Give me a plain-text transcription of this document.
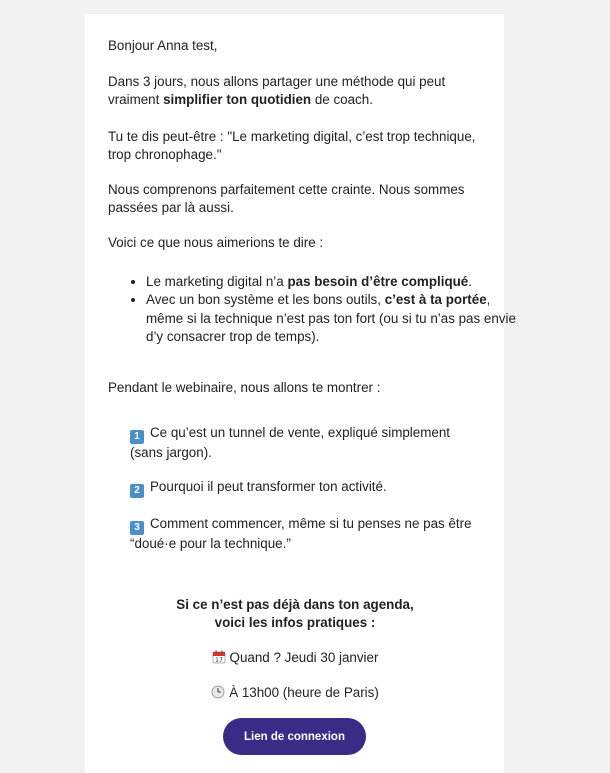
Bonjour Anna test,

Dans 3 jours, nous allons partager une méthode qui peut vraiment simplifier ton quotidien de coach.

Tu te dis peut-être : "Le marketing digital, c’est trop technique, trop chronophage."

Nous comprenons parfaitement cette crainte. Nous sommes passées par là aussi.

Voici ce que nous aimerions te dire :

• Le marketing digital n’a pas besoin d’être compliqué.
• Avec un bon système et les bons outils, c’est à ta portée, même si la technique n’est pas ton fort (ou si tu n’as pas envie d’y consacrer trop de temps).

Pendant le webinaire, nous allons te montrer :

1 Ce qu’est un tunnel de vente, expliqué simplement (sans jargon).

2 Pourquoi il peut transformer ton activité.

3 Comment commencer, même si tu penses ne pas être “doué·e pour la technique.”

Si ce n’est pas déjà dans ton agenda,
voici les infos pratiques :

17 Quand ? Jeudi 30 janvier

À 13h00 (heure de Paris)

Lien de connexion
